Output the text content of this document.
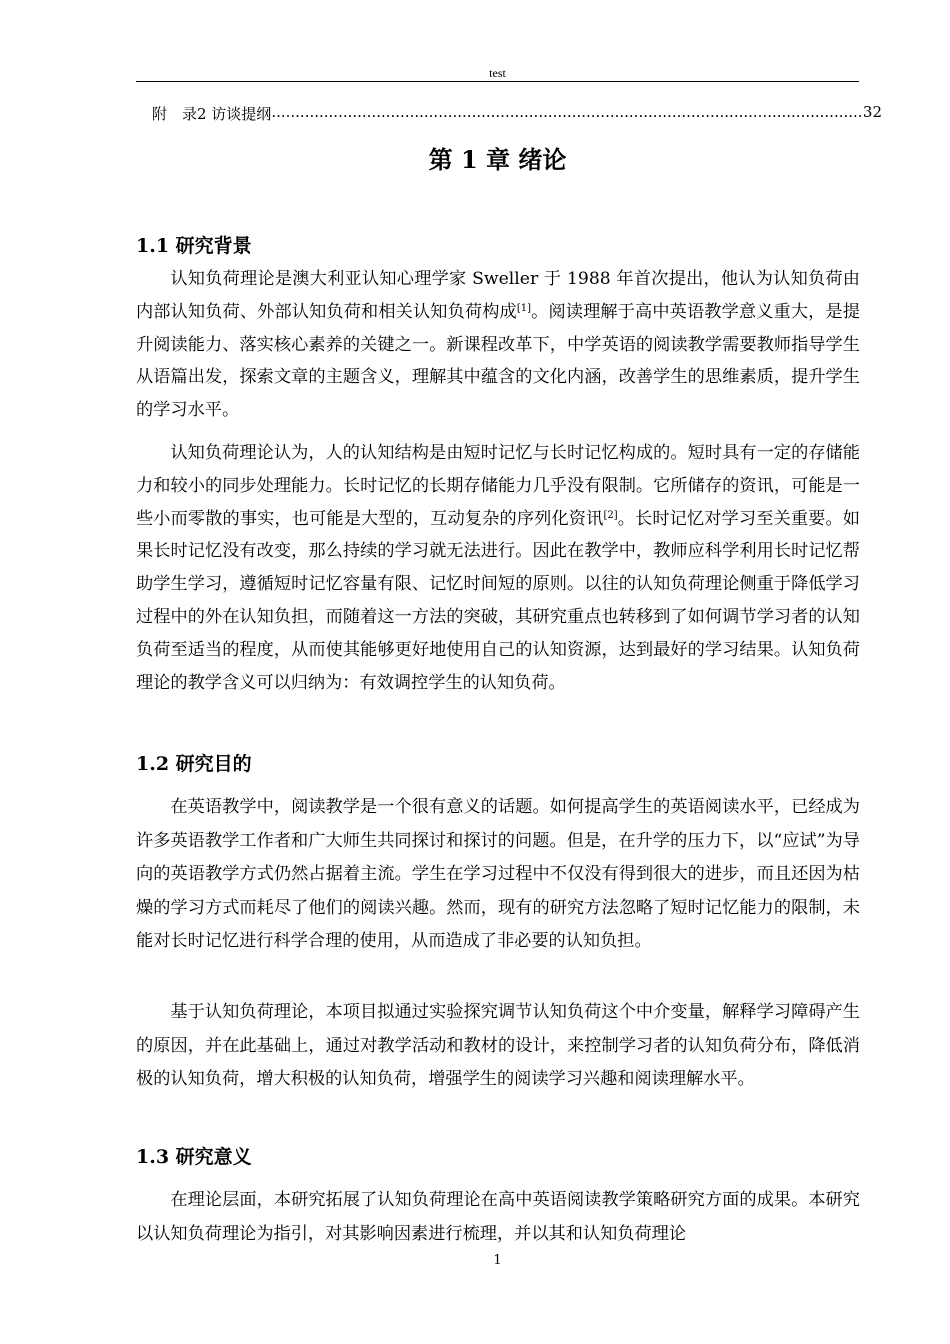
test
附　录2 访谈提纲
.....	32
第 1 章 绪论
1.1 研究背景
认知负荷理论是澳大利亚认知心理学家 Sweller 于 1988 年首次提出，他认为认知负荷由内部认知负荷、外部认知负荷和相关认知负荷构成[1]。阅读理解于高中英语教学意义重大，是提升阅读能力、落实核心素养的关键之一。新课程改革下，中学英语的阅读教学需要教师指导学生从语篇出发，探索文章的主题含义，理解其中蕴含的文化内涵，改善学生的思维素质，提升学生的学习水平。
认知负荷理论认为，人的认知结构是由短时记忆与长时记忆构成的。短时具有一定的存储能力和较小的同步处理能力。长时记忆的长期存储能力几乎没有限制。它所储存的资讯，可能是一些小而零散的事实，也可能是大型的，互动复杂的序列化资讯[2]。长时记忆对学习至关重要。如果长时记忆没有改变，那么持续的学习就无法进行。因此在教学中，教师应科学利用长时记忆帮助学生学习，遵循短时记忆容量有限、记忆时间短的原则。以往的认知负荷理论侧重于降低学习过程中的外在认知负担，而随着这一方法的突破，其研究重点也转移到了如何调节学习者的认知负荷至适当的程度，从而使其能够更好地使用自己的认知资源，达到最好的学习结果。认知负荷理论的教学含义可以归纳为：有效调控学生的认知负荷。
1.2 研究目的
在英语教学中，阅读教学是一个很有意义的话题。如何提高学生的英语阅读水平，已经成为许多英语教学工作者和广大师生共同探讨和探讨的问题。但是，在升学的压力下，以“应试”为导向的英语教学方式仍然占据着主流。学生在学习过程中不仅没有得到很大的进步，而且还因为枯燥的学习方式而耗尽了他们的阅读兴趣。然而，现有的研究方法忽略了短时记忆能力的限制，未能对长时记忆进行科学合理的使用，从而造成了非必要的认知负担。
基于认知负荷理论，本项目拟通过实验探究调节认知负荷这个中介变量，解释学习障碍产生的原因，并在此基础上，通过对教学活动和教材的设计，来控制学习者的认知负荷分布，降低消极的认知负荷，增大积极的认知负荷，增强学生的阅读学习兴趣和阅读理解水平。
1.3 研究意义
在理论层面，本研究拓展了认知负荷理论在高中英语阅读教学策略研究方面的成果。本研究以认知负荷理论为指引，对其影响因素进行梳理，并以其和认知负荷理论
1
